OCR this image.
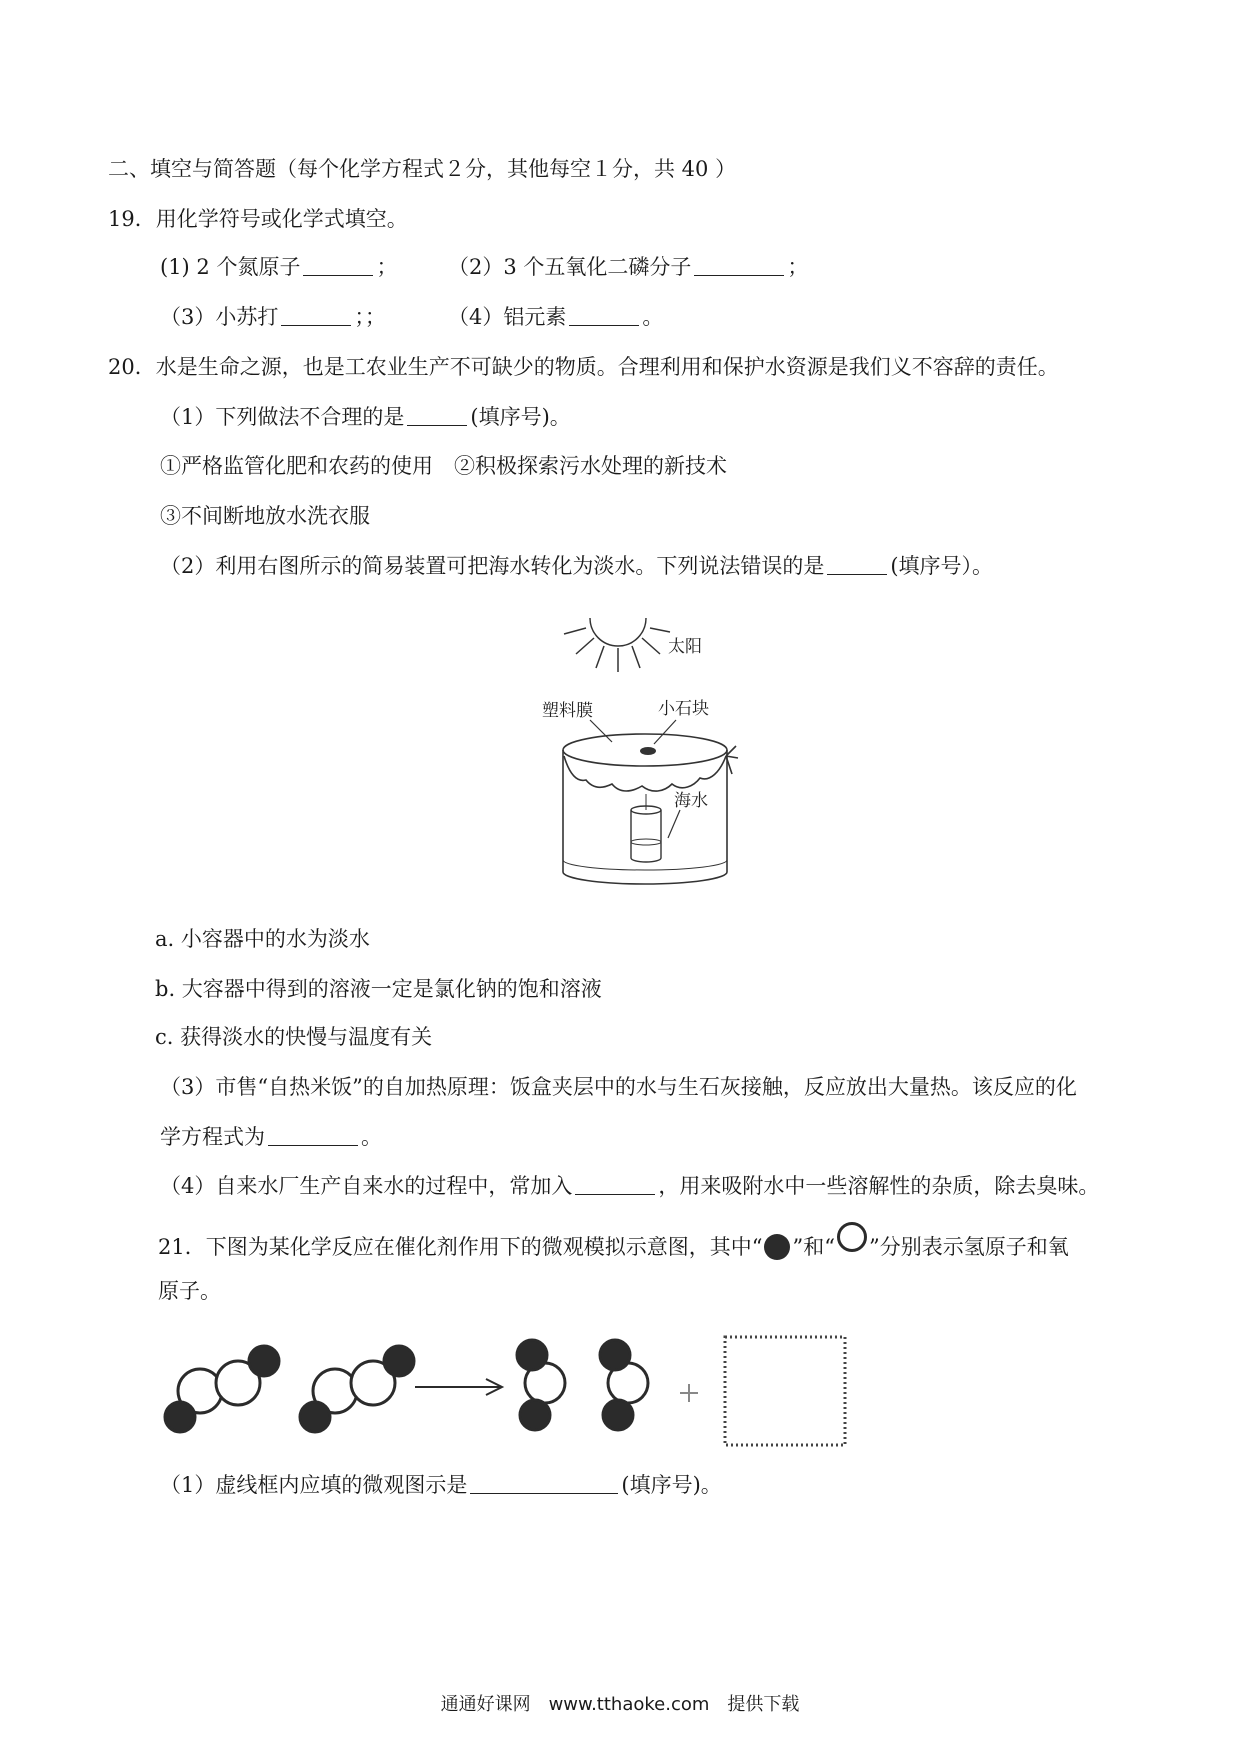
二、填空与简答题（每个化学方程式２分，其他每空１分，共 40 ）
19．用化学符号或化学式填空。
(1) 2 个氮原子	； （2）3 个五氧化二磷分子	；
（3）小苏打	；；	（4）铝元素	。
20．水是生命之源，也是工农业生产不可缺少的物质。合理利用和保护水资源是我们义不容辞的责任。
（1）下列做法不合理的是	(填序号)。
①严格监管化肥和农药的使用　②积极探索污水处理的新技术
③不间断地放水洗衣服
（2）利用右图所示的简易装置可把海水转化为淡水。下列说法错误的是	(填序号）。
太阳
塑料膜	小石块
海水
a. 小容器中的水为淡水
b. 大容器中得到的溶液一定是氯化钠的饱和溶液
c. 获得淡水的快慢与温度有关
（3）市售“自热米饭”的自加热原理：饭盒夹层中的水与生石灰接触，反应放出大量热。该反应的化
学方程式为	。
（4）自来水厂生产自来水的过程中，常加入	，用来吸附水中一些溶解性的杂质，除去臭味。
21．下图为某化学反应在催化剂作用下的微观模拟示意图，其中“ ”和“ ”分别表示氢原子和氧
原子。
（1）虚线框内应填的微观图示是	(填序号)。
通通好课网　www.tthaoke.com　提供下载
